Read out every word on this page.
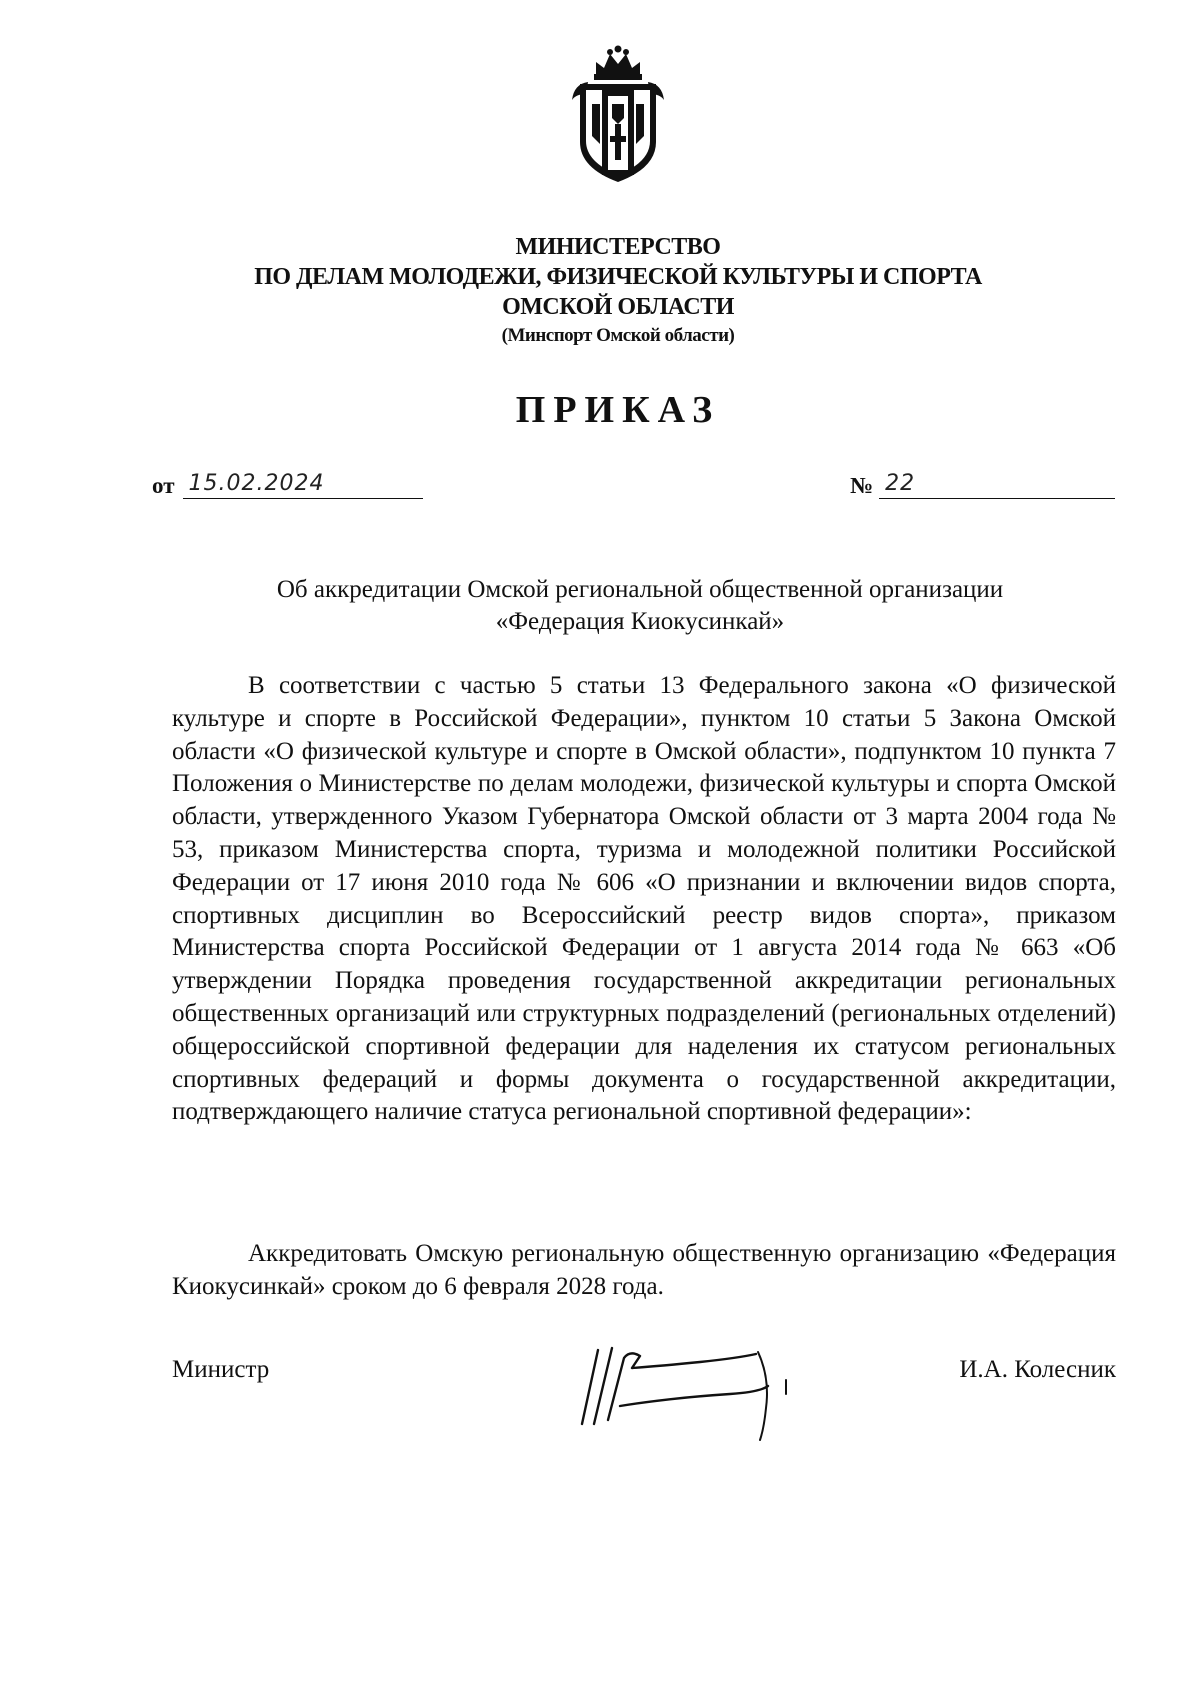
МИНИСТЕРСТВО
ПО ДЕЛАМ МОЛОДЕЖИ, ФИЗИЧЕСКОЙ КУЛЬТУРЫ И СПОРТА
ОМСКОЙ ОБЛАСТИ
(Минспорт Омской области)
ПРИКАЗ
от 15.02.2024	№ 22
Об аккредитации Омской региональной общественной организации
«Федерация Киокусинкай»

В соответствии с частью 5 статьи 13 Федерального закона «О физической культуре и спорте в Российской Федерации», пунктом 10 статьи 5 Закона Омской области «О физической культуре и спорте в Омской области», подпунктом 10 пункта 7 Положения о Министерстве по делам молодежи, физической культуры и спорта Омской области, утвержденного Указом Губернатора Омской области от 3 марта 2004 года № 53, приказом Министерства спорта, туризма и молодежной политики Российской Федерации от 17 июня 2010 года № 606 «О признании и включении видов спорта, спортивных дисциплин во Всероссийский реестр видов спорта», приказом Министерства спорта Российской Федерации от 1 августа 2014 года № 663 «Об утверждении Порядка проведения государственной аккредитации региональных общественных организаций или структурных подразделений (региональных отделений) общероссийской спортивной федерации для наделения их статусом региональных спортивных федераций и формы документа о государственной аккредитации, подтверждающего наличие статуса региональной спортивной федерации»:

Аккредитовать Омскую региональную общественную организацию «Федерация Киокусинкай» сроком до 6 февраля 2028 года.

Министр	И.А. Колесник
